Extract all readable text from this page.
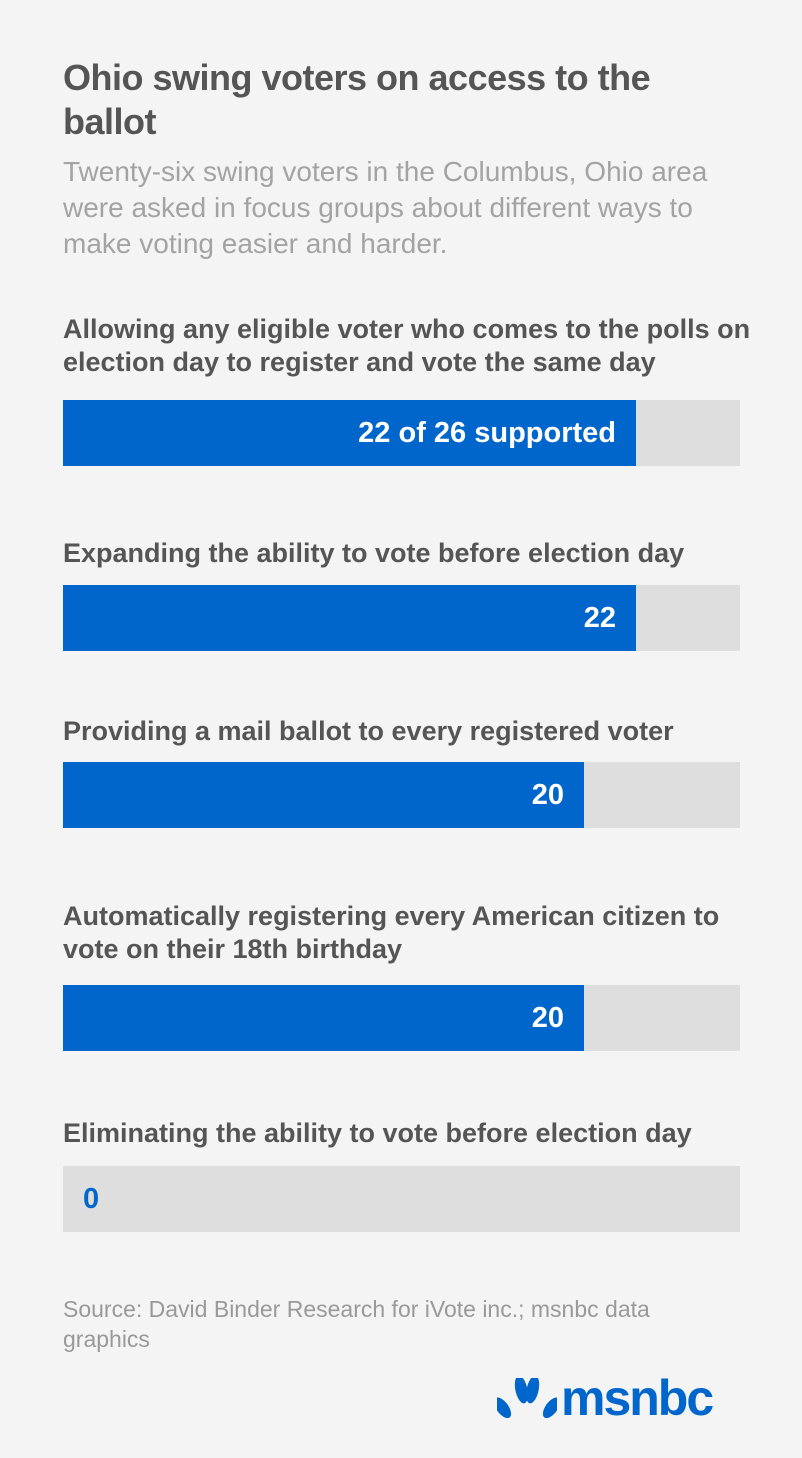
Ohio swing voters on access to the ballot

Twenty-six swing voters in the Columbus, Ohio area were asked in focus groups about different ways to make voting easier and harder.

Allowing any eligible voter who comes to the polls on election day to register and vote the same day

22 of 26 supported

Expanding the ability to vote before election day

22

Providing a mail ballot to every registered voter

20

Automatically registering every American citizen to vote on their 18th birthday

20

Eliminating the ability to vote before election day

0

Source: David Binder Research for iVote inc.; msnbc data graphics

msnbc
